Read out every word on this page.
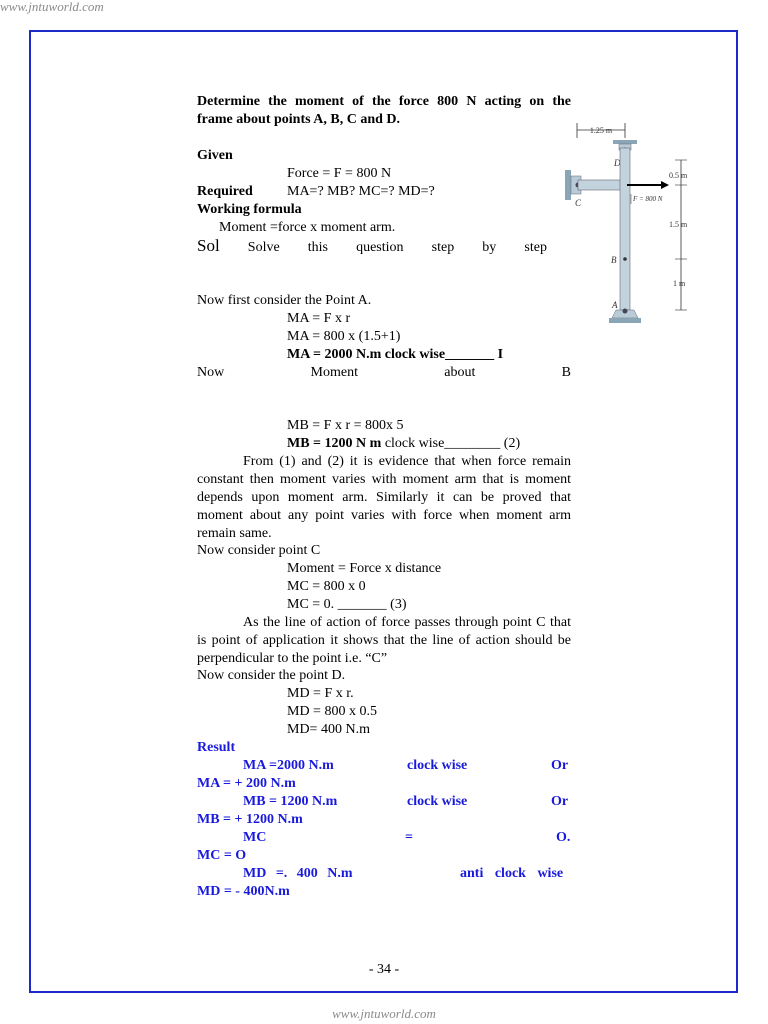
www.jntuworld.com
Determine the moment of the force 800 N acting on the
frame about points A, B, C and D.
Given
Force = F = 800 N
Required MA=? MB? MC=? MD=?
Working formula
Moment =force x moment arm.
Sol Solve this question step by step
Now first consider the Point A.
MA = F x r
MA = 800 x (1.5+1)
MA = 2000 N.m clock wise_______ I
Now	Moment	about	B
MB = F x r = 800x 5
MB = 1200 N m clock wise________ (2)
From (1) and (2) it is evidence that when force remain constant then moment varies with moment arm that is moment depends upon moment arm. Similarly it can be proved that moment about any point varies with force when moment arm remain same.
Now consider point C
Moment = Force x distance
MC = 800 x 0
MC = 0. _______ (3)
As the line of action of force passes through point C that is point of application it shows that the line of action should be perpendicular to the point i.e. “C”
Now consider the point D.
MD = F x r.
MD = 800 x 0.5
MD= 400 N.m
Result
MA =2000 N.m	clock wise	Or
MA = + 200 N.m
MB = 1200 N.m	clock wise	Or
MB = + 1200 N.m
MC	=	O.
MC = O
MD =. 400 N.m	anti clock wise
MD = - 400N.m
1.25 m
D
C	F = 800 N
B
A
0.5 m
1.5 m
1 m
- 34 -
www.jntuworld.com
